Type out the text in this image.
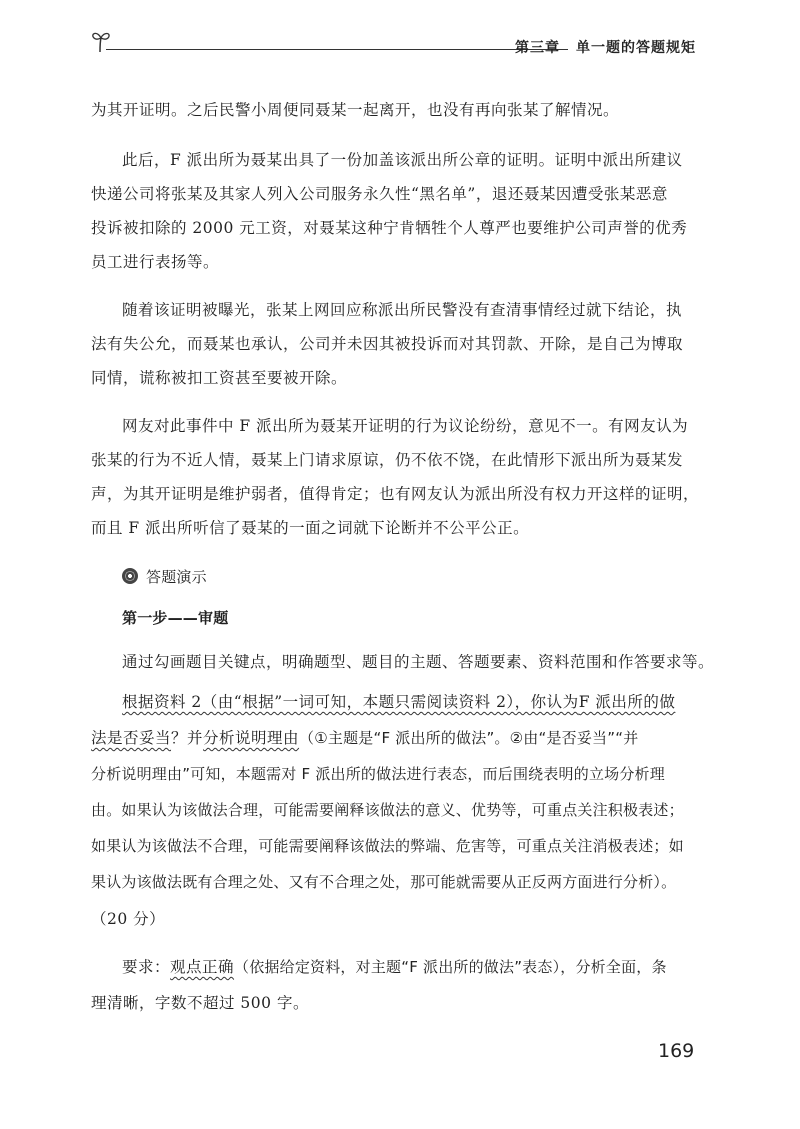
第三章 单一题的答题规矩
为其开证明。之后民警小周便同聂某一起离开，也没有再向张某了解情况。
此后，F 派出所为聂某出具了一份加盖该派出所公章的证明。证明中派出所建议
快递公司将张某及其家人列入公司服务永久性“黑名单”，退还聂某因遭受张某恶意
投诉被扣除的 2000 元工资，对聂某这种宁肯牺牲个人尊严也要维护公司声誉的优秀
员工进行表扬等。
随着该证明被曝光，张某上网回应称派出所民警没有查清事情经过就下结论，执
法有失公允，而聂某也承认，公司并未因其被投诉而对其罚款、开除，是自己为博取
同情，谎称被扣工资甚至要被开除。
网友对此事件中 F 派出所为聂某开证明的行为议论纷纷，意见不一。有网友认为
张某的行为不近人情，聂某上门请求原谅，仍不依不饶，在此情形下派出所为聂某发
声，为其开证明是维护弱者，值得肯定；也有网友认为派出所没有权力开这样的证明，
而且 F 派出所听信了聂某的一面之词就下论断并不公平公正。
答题演示
第一步——审题
通过勾画题目关键点，明确题型、题目的主题、答题要素、资料范围和作答要求等。
根据资料 2（由“根据”一词可知，本题只需阅读资料 2），你认为F 派出所的做
法是否妥当？并分析说明理由（①主题是“F 派出所的做法”。②由“是否妥当”“并
分析说明理由”可知，本题需对 F 派出所的做法进行表态，而后围绕表明的立场分析理
由。如果认为该做法合理，可能需要阐释该做法的意义、优势等，可重点关注积极表述；
如果认为该做法不合理，可能需要阐释该做法的弊端、危害等，可重点关注消极表述；如
果认为该做法既有合理之处、又有不合理之处，那可能就需要从正反两方面进行分析）。
（20 分）
要求：观点正确（依据给定资料，对主题“F 派出所的做法”表态），分析全面，条
理清晰，字数不超过 500 字。
169
